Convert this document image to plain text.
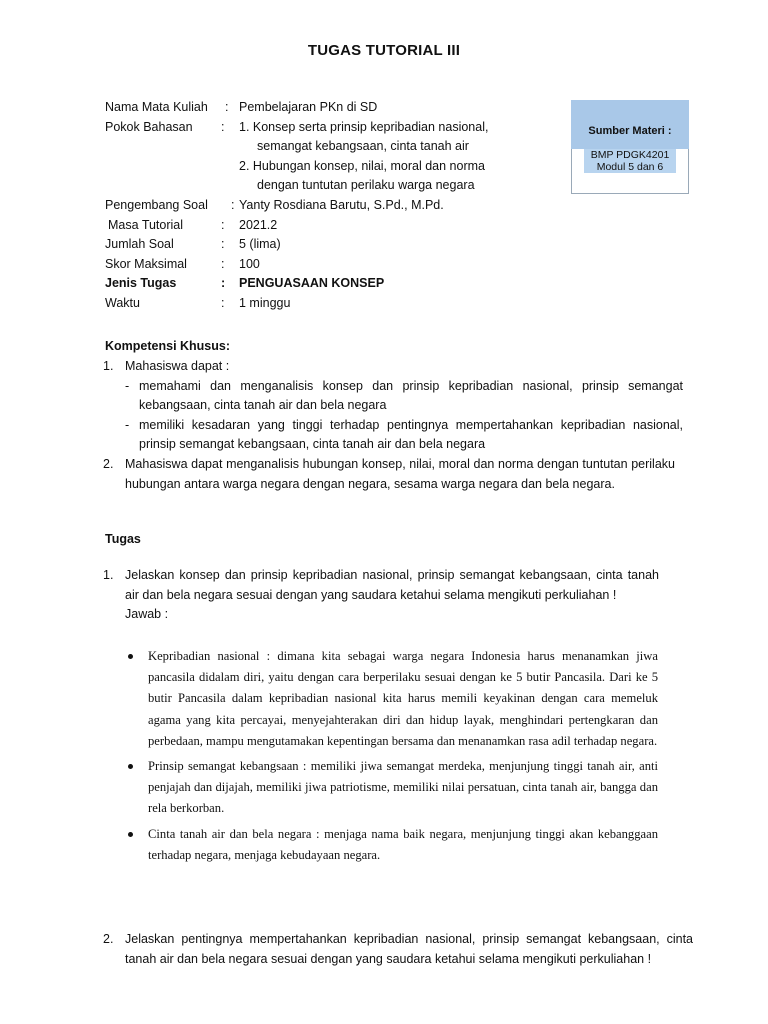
TUGAS TUTORIAL III
Nama Mata Kuliah : Pembelajaran PKn di SD
Pokok Bahasan : 1. Konsep serta prinsip kepribadian nasional,
semangat kebangsaan, cinta tanah air
2. Hubungan konsep, nilai, moral dan norma
dengan tuntutan perilaku warga negara
Pengembang Soal : Yanty Rosdiana Barutu, S.Pd., M.Pd.
Masa Tutorial	: 2021.2
Jumlah Soal	: 5 (lima)
Skor Maksimal	: 100
Jenis Tugas	: PENGUASAAN KONSEP
Waktu	: 1 minggu
Sumber Materi :
BMP PDGK4201
Modul 5 dan 6
Kompetensi Khusus:
1. Mahasiswa dapat :
- memahami dan menganalisis konsep dan prinsip kepribadian nasional, prinsip semangat kebangsaan, cinta tanah air dan bela negara
- memiliki kesadaran yang tinggi terhadap pentingnya mempertahankan kepribadian nasional, prinsip semangat kebangsaan, cinta tanah air dan bela negara
2. Mahasiswa dapat menganalisis hubungan konsep, nilai, moral dan norma dengan tuntutan perilaku hubungan antara warga negara dengan negara, sesama warga negara dan bela negara.
Tugas
1. Jelaskan konsep dan prinsip kepribadian nasional, prinsip semangat kebangsaan, cinta tanah air dan bela negara sesuai dengan yang saudara ketahui selama mengikuti perkuliahan !
Jawab :
Kepribadian nasional : dimana kita sebagai warga negara Indonesia harus menanamkan jiwa pancasila didalam diri, yaitu dengan cara berperilaku sesuai dengan ke 5 butir Pancasila. Dari ke 5 butir Pancasila dalam kepribadian nasional kita harus memili keyakinan dengan cara memeluk agama yang kita percayai, menyejahterakan diri dan hidup layak, menghindari pertengkaran dan perbedaan, mampu mengutamakan kepentingan bersama dan menanamkan rasa adil terhadap negara.
Prinsip semangat kebangsaan : memiliki jiwa semangat merdeka, menjunjung tinggi tanah air, anti penjajah dan dijajah, memiliki jiwa patriotisme, memiliki nilai persatuan, cinta tanah air, bangga dan rela berkorban.
Cinta tanah air dan bela negara : menjaga nama baik negara, menjunjung tinggi akan kebanggaan terhadap negara, menjaga kebudayaan negara.
2. Jelaskan pentingnya mempertahankan kepribadian nasional, prinsip semangat kebangsaan, cinta tanah air dan bela negara sesuai dengan yang saudara ketahui selama mengikuti perkuliahan !
